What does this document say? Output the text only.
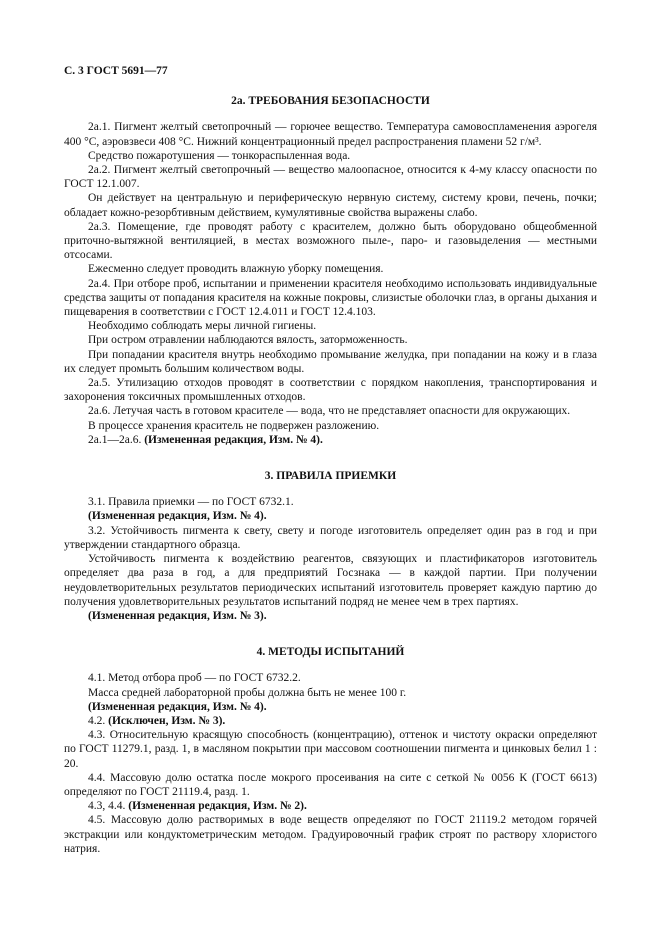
С. 3 ГОСТ 5691—77
2а. ТРЕБОВАНИЯ БЕЗОПАСНОСТИ

2а.1. Пигмент желтый светопрочный — горючее вещество. Температура самовоспламенения аэрогеля 400 °С, аэровзвеси 408 °С. Нижний концентрационный предел распространения пламени 52 г/м³.

Средство пожаротушения — тонкораспыленная вода.

2а.2. Пигмент желтый светопрочный — вещество малоопасное, относится к 4-му классу опасности по ГОСТ 12.1.007.

Он действует на центральную и периферическую нервную систему, систему крови, печень, почки; обладает кожно-резорбтивным действием, кумулятивные свойства выражены слабо.

2а.3. Помещение, где проводят работу с красителем, должно быть оборудовано общеобменной приточно-вытяжной вентиляцией, в местах возможного пыле-, паро- и газовыделения — местными отсосами.

Ежесменно следует проводить влажную уборку помещения.

2а.4. При отборе проб, испытании и применении красителя необходимо использовать индивидуальные средства защиты от попадания красителя на кожные покровы, слизистые оболочки глаз, в органы дыхания и пищеварения в соответствии с ГОСТ 12.4.011 и ГОСТ 12.4.103.

Необходимо соблюдать меры личной гигиены.

При остром отравлении наблюдаются вялость, заторможенность.

При попадании красителя внутрь необходимо промывание желудка, при попадании на кожу и в глаза их следует промыть большим количеством воды.

2а.5. Утилизацию отходов проводят в соответствии с порядком накопления, транспортирования и захоронения токсичных промышленных отходов.

2а.6. Летучая часть в готовом красителе — вода, что не представляет опасности для окружающих.

В процессе хранения краситель не подвержен разложению.

2а.1—2а.6. (Измененная редакция, Изм. № 4).

3. ПРАВИЛА ПРИЕМКИ

3.1. Правила приемки — по ГОСТ 6732.1.

(Измененная редакция, Изм. № 4).

3.2. Устойчивость пигмента к свету, свету и погоде изготовитель определяет один раз в год и при утверждении стандартного образца.

Устойчивость пигмента к воздействию реагентов, связующих и пластификаторов изготовитель определяет два раза в год, а для предприятий Госзнака — в каждой партии. При получении неудовлетворительных результатов периодических испытаний изготовитель проверяет каждую партию до получения удовлетворительных результатов испытаний подряд не менее чем в трех партиях.

(Измененная редакция, Изм. № 3).

4. МЕТОДЫ ИСПЫТАНИЙ

4.1. Метод отбора проб — по ГОСТ 6732.2.

Масса средней лабораторной пробы должна быть не менее 100 г.

(Измененная редакция, Изм. № 4).

4.2. (Исключен, Изм. № 3).

4.3. Относительную красящую способность (концентрацию), оттенок и чистоту окраски определяют по ГОСТ 11279.1, разд. 1, в масляном покрытии при массовом соотношении пигмента и цинковых белил 1 : 20.

4.4. Массовую долю остатка после мокрого просеивания на сите с сеткой № 0056 К (ГОСТ 6613) определяют по ГОСТ 21119.4, разд. 1.

4.3, 4.4. (Измененная редакция, Изм. № 2).

4.5. Массовую долю растворимых в воде веществ определяют по ГОСТ 21119.2 методом горячей экстракции или кондуктометрическим методом. Градуировочный график строят по раствору хлористого натрия.
